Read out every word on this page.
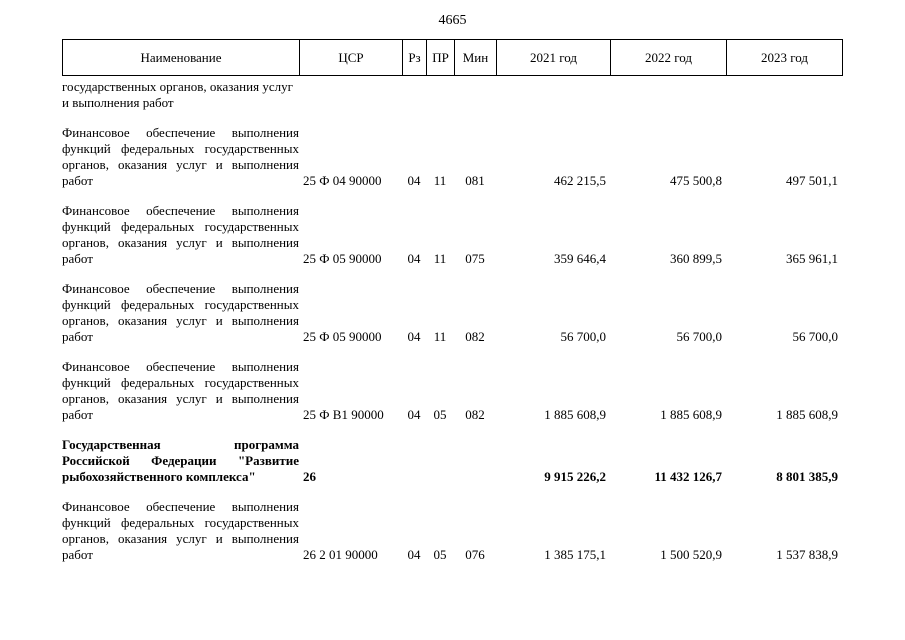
4665
Наименование	ЦСР	Рз	ПР	Мин	2021 год	2022 год	2023 год
государственных органов, оказания услуг и выполнения работ							

Финансовое обеспечение выполнения функций федеральных государственных органов, оказания услуг и выполнения работ	25 Ф 04 90000	04	11	081	462 215,5	475 500,8	497 501,1

Финансовое обеспечение выполнения функций федеральных государственных органов, оказания услуг и выполнения работ	25 Ф 05 90000	04	11	075	359 646,4	360 899,5	365 961,1

Финансовое обеспечение выполнения функций федеральных государственных органов, оказания услуг и выполнения работ	25 Ф 05 90000	04	11	082	56 700,0	56 700,0	56 700,0

Финансовое обеспечение выполнения функций федеральных государственных органов, оказания услуг и выполнения работ	25 Ф В1 90000	04	05	082	1 885 608,9	1 885 608,9	1 885 608,9

Государственная программа Российской Федерации "Развитие рыбохозяйственного комплекса"	26				9 915 226,2	11 432 126,7	8 801 385,9

Финансовое обеспечение выполнения функций федеральных государственных органов, оказания услуг и выполнения работ	26 2 01 90000	04	05	076	1 385 175,1	1 500 520,9	1 537 838,9
